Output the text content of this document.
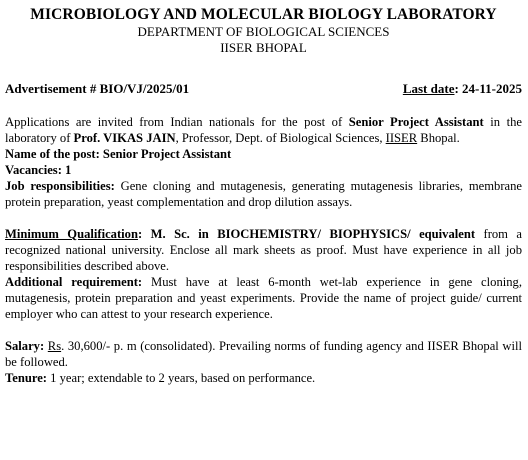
MICROBIOLOGY AND MOLECULAR BIOLOGY LABORATORY

DEPARTMENT OF BIOLOGICAL SCIENCES

IISER BHOPAL

Advertisement # BIO/VJ/2025/01	Last date: 24-11-2025

Applications are invited from Indian nationals for the post of Senior Project Assistant in the laboratory of Prof. VIKAS JAIN, Professor, Dept. of Biological Sciences, IISER Bhopal.

Name of the post: Senior Project Assistant

Vacancies: 1

Job responsibilities: Gene cloning and mutagenesis, generating mutagenesis libraries, membrane protein preparation, yeast complementation and drop dilution assays.

Minimum Qualification: M. Sc. in BIOCHEMISTRY/ BIOPHYSICS/ equivalent from a recognized national university. Enclose all mark sheets as proof. Must have experience in all job responsibilities described above.

Additional requirement: Must have at least 6-month wet-lab experience in gene cloning, mutagenesis, protein preparation and yeast experiments. Provide the name of project guide/ current employer who can attest to your research experience.

Salary: Rs. 30,600/- p. m (consolidated). Prevailing norms of funding agency and IISER Bhopal will be followed.

Tenure: 1 year; extendable to 2 years, based on performance.
